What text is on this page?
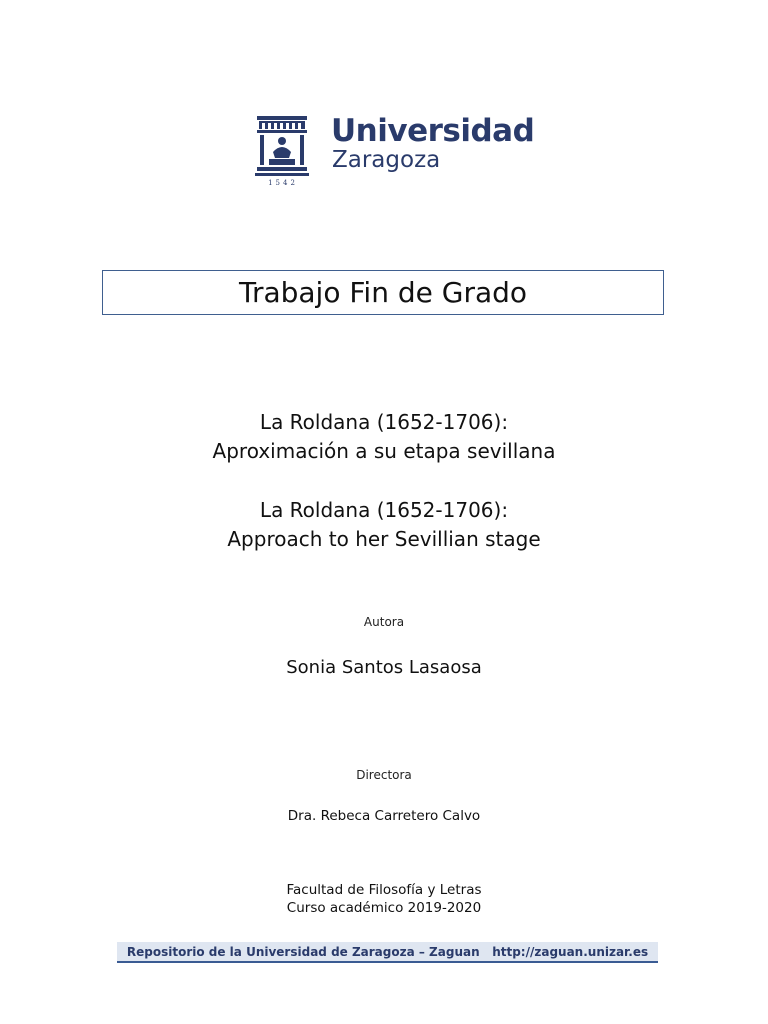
1542
Universidad
Zaragoza
Trabajo Fin de Grado
La Roldana (1652-1706):
Aproximación a su etapa sevillana
La Roldana (1652-1706):
Approach to her Sevillian stage
Autora
Sonia Santos Lasaosa
Directora
Dra. Rebeca Carretero Calvo
Facultad de Filosofía y Letras
Curso académico 2019-2020
Repositorio de la Universidad de Zaragoza – Zaguan
http://zaguan.unizar.es
